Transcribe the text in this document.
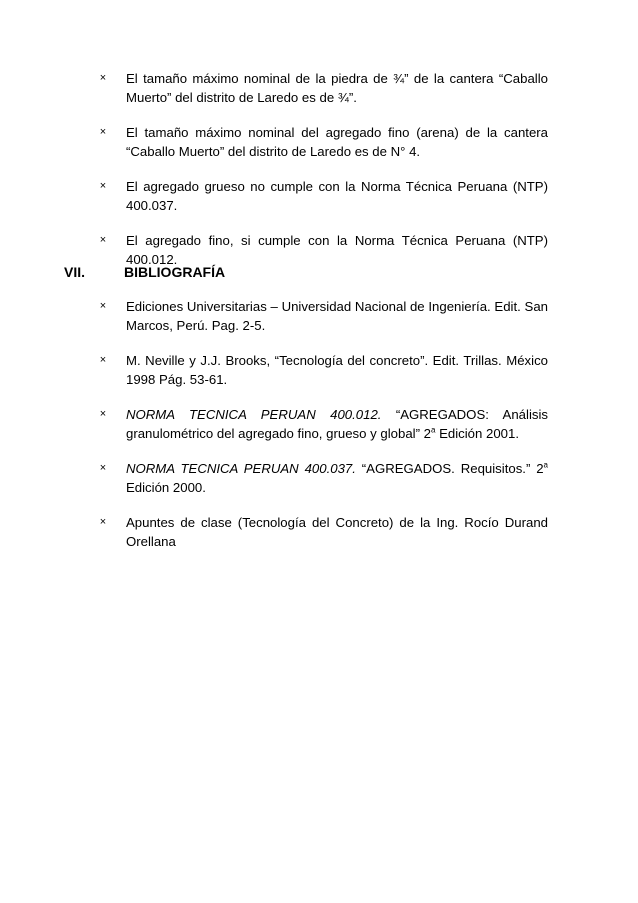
× El tamaño máximo nominal de la piedra de ¾” de la cantera “Caballo Muerto” del distrito de Laredo es de ¾”.
× El tamaño máximo nominal del agregado fino (arena) de la cantera “Caballo Muerto” del distrito de Laredo es de N° 4.
× El agregado grueso no cumple con la Norma Técnica Peruana (NTP) 400.037.
× El agregado fino, si cumple con la Norma Técnica Peruana (NTP) 400.012.
VII.	BIBLIOGRAFÍA
× Ediciones Universitarias – Universidad Nacional de Ingeniería. Edit. San Marcos, Perú. Pag. 2-5.
× M. Neville y J.J. Brooks, “Tecnología del concreto”. Edit. Trillas. México 1998 Pág. 53-61.
× NORMA TECNICA PERUAN 400.012. “AGREGADOS: Análisis granulométrico del agregado fino, grueso y global” 2$^a$ Edición 2001.
× NORMA TECNICA PERUAN 400.037. “AGREGADOS. Requisitos.” 2$^a$ Edición 2000.
× Apuntes de clase (Tecnología del Concreto) de la Ing. Rocío Durand Orellana
